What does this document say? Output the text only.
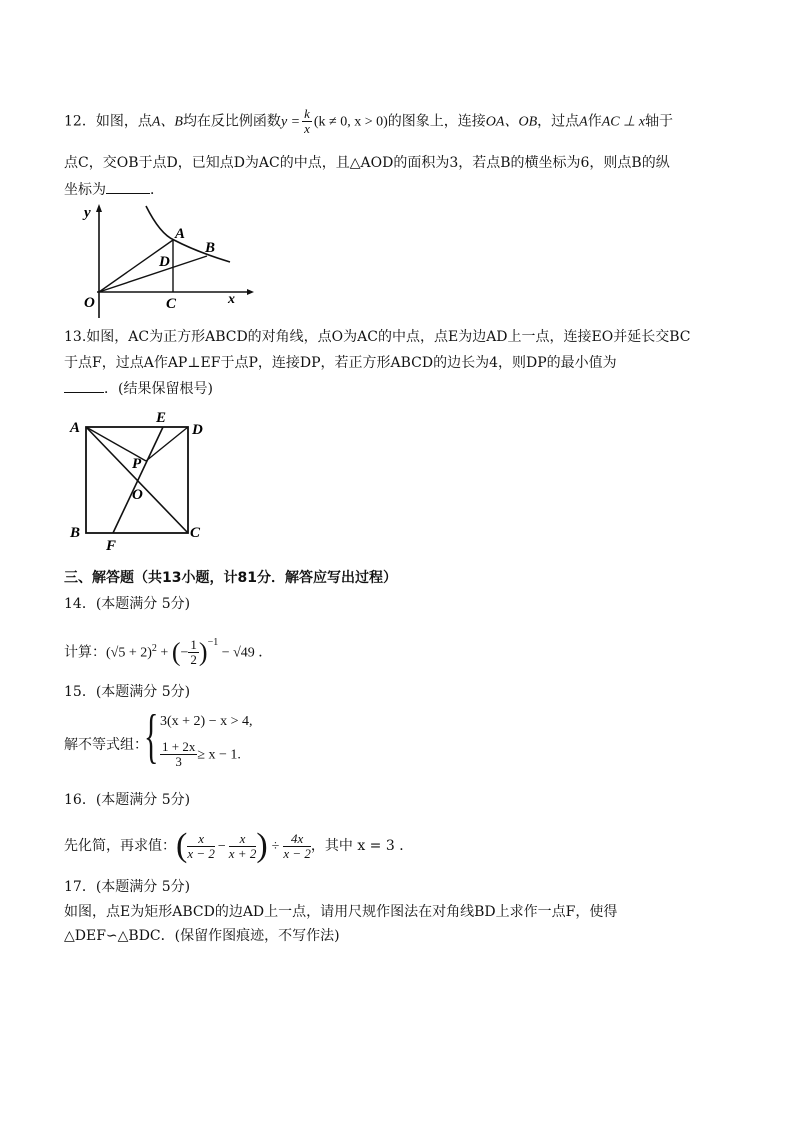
12．如图，点A、B均在反比例函数$y = \frac{k}{x} (k \ne 0$, x > 0)的图象上，连接OA、OB，过点A作AC ⊥ x轴于
点C，交OB于点D，已知点D为AC的中点，且△AOD的面积为3，若点B的横坐标为6，则点B的纵
坐标为	．
y
A
B
D
O	C	x
13.如图，AC为正方形ABCD的对角线，点O为AC的中点，点E为边AD上一点，连接EO并延长交BC
于点F，过点A作AP⊥EF于点P，连接DP，若正方形ABCD的边长为4，则DP的最小值为
．(结果保留根号)
A
E
D
P
O
B	C
F
三、解答题（共13小题，计81分．解答应写出过程）
14．(本题满分 5分)
计算：$(√5 + 2)^2$ + (− $\frac{1}{2} )^{-1} - √49$ ．
15．(本题满分 5分)
解不等式组：
{ 3(x + 2) − x > 4,
$\frac{1 + 2x}{3} \ge x - 1$.
16．(本题满分 5分)
先化简，再求值：( $\frac{x}{x - 2} - \frac{x}{x + 2}$ ) ÷ $\frac{4x}{x - 2}$ ，其中 x = 3 ．
17．(本题满分 5分)
如图，点E为矩形ABCD的边AD上一点，请用尺规作图法在对角线BD上求作一点F，使得
△DEF∽△BDC．(保留作图痕迹，不写作法)
